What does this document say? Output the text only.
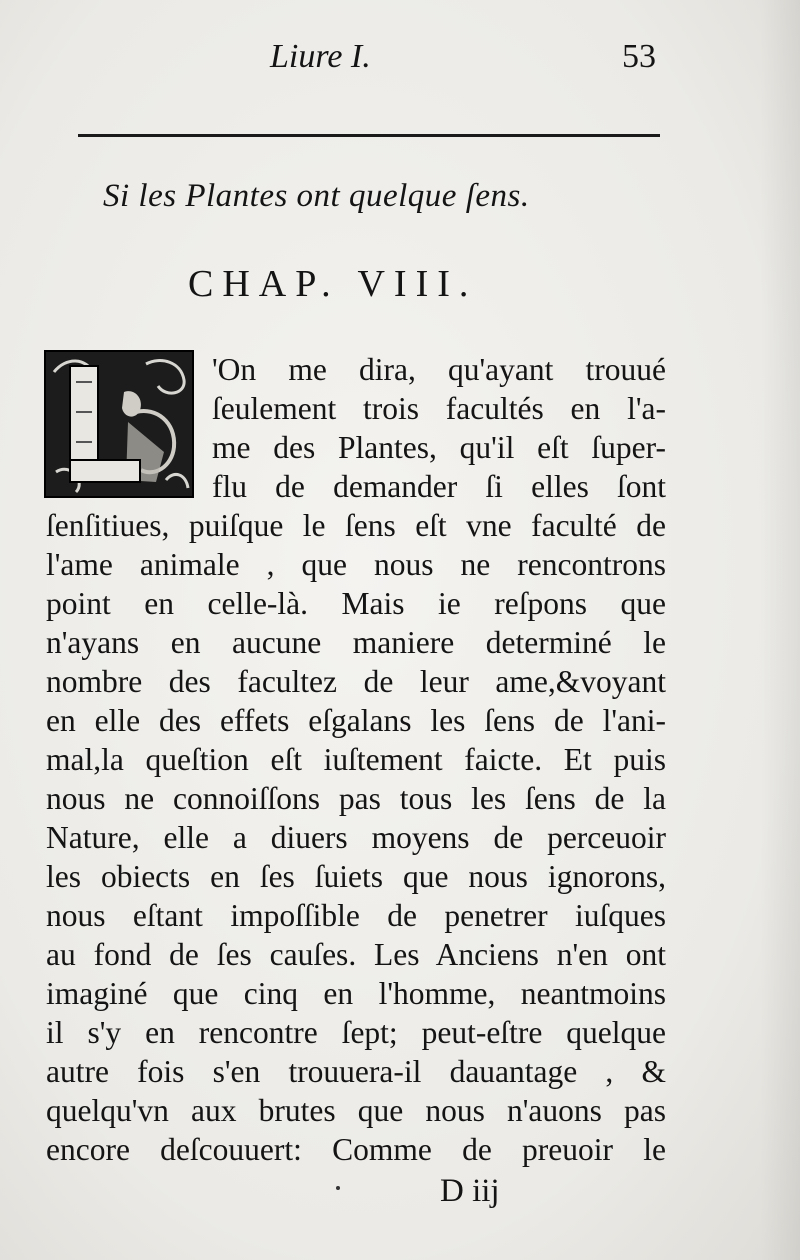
Liure I.	53
Si les Plantes ont quelque ſens.
CHAP. VIII.
'On me dira, qu'ayant trouué
ſeulement trois facultés en l'a-
me des Plantes, qu'il eſt ſuper-
flu de demander ſi elles ſont
ſenſitiues, puiſque le ſens eſt vne faculté de
l'ame animale , que nous ne rencontrons
point en celle-là. Mais ie reſpons que
n'ayans en aucune maniere determiné le
nombre des facultez de leur ame,&voyant
en elle des effets eſgalans les ſens de l'ani-
mal,la queſtion eſt iuſtement faicte. Et puis
nous ne connoiſſons pas tous les ſens de la
Nature, elle a diuers moyens de perceuoir
les obiects en ſes ſuiets que nous ignorons,
nous eſtant impoſſible de penetrer iuſques
au fond de ſes cauſes. Les Anciens n'en ont
imaginé que cinq en l'homme, neantmoins
il s'y en rencontre ſept; peut-eſtre quelque
autre fois s'en trouuera-il dauantage , &
quelqu'vn aux brutes que nous n'auons pas
encore deſcouuert: Comme de preuoir le
D iij
